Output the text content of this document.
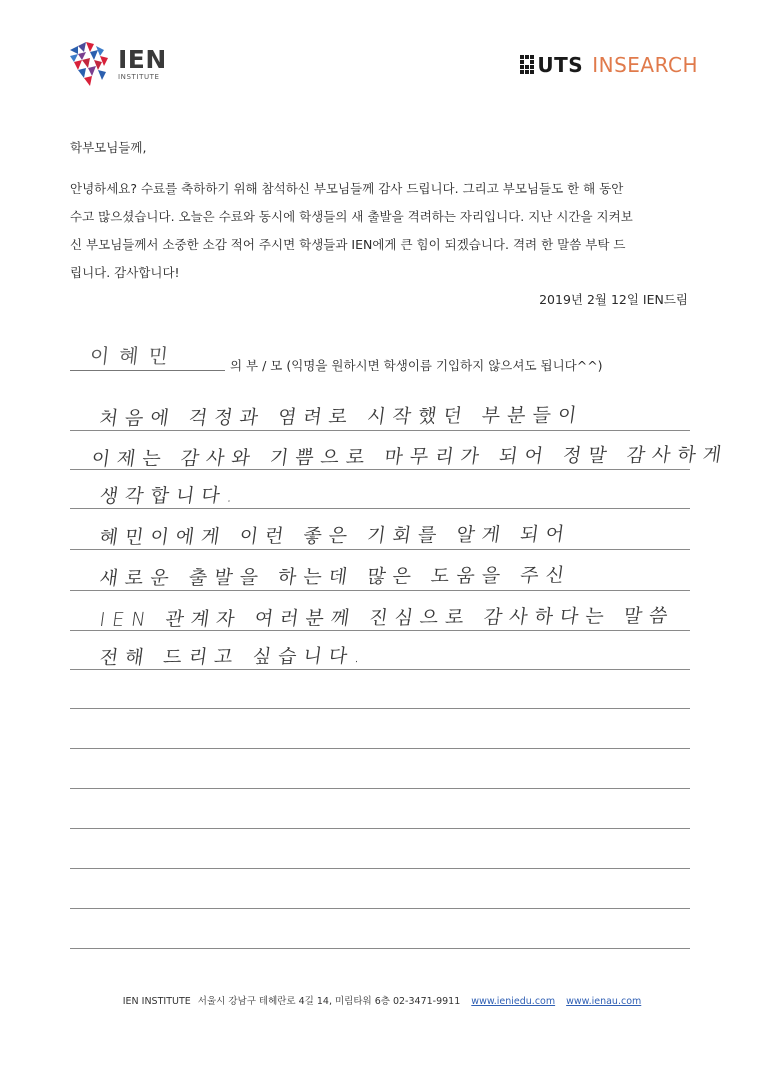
IEN
INSTITUTE	UTS INSEARCH
학부모님들께,
안녕하세요? 수료를 축하하기 위해 참석하신 부모님들께 감사 드립니다. 그리고 부모님들도 한 해 동안
수고 많으셨습니다. 오늘은 수료와 동시에 학생들의 새 출발을 격려하는 자리입니다. 지난 시간을 지켜보
신 부모님들께서 소중한 소감 적어 주시면 학생들과 IEN에게 큰 힘이 되겠습니다. 격려 한 말씀 부탁 드
립니다. 감사합니다!
2019년 2월 12일 IEN드림
이혜민	의 부 / 모 (익명을 원하시면 학생이름 기입하지 않으셔도 됩니다^^)
처음에 걱정과 염려로 시작했던 부분들이
이제는 감사와 기쁨으로 마무리가 되어 정말 감사하게
생각합니다.
혜민이에게 이런 좋은 기회를 알게 되어
새로운 출발을 하는데 많은 도움을 주신
IEN 관계자 여러분께 진심으로 감사하다는 말씀
전해 드리고 싶습니다.
IEN INSTITUTE 서울시 강남구 테헤란로 4길 14, 미림타워 6층 02-3471-9911 www.ieniedu.com www.ienau.com
